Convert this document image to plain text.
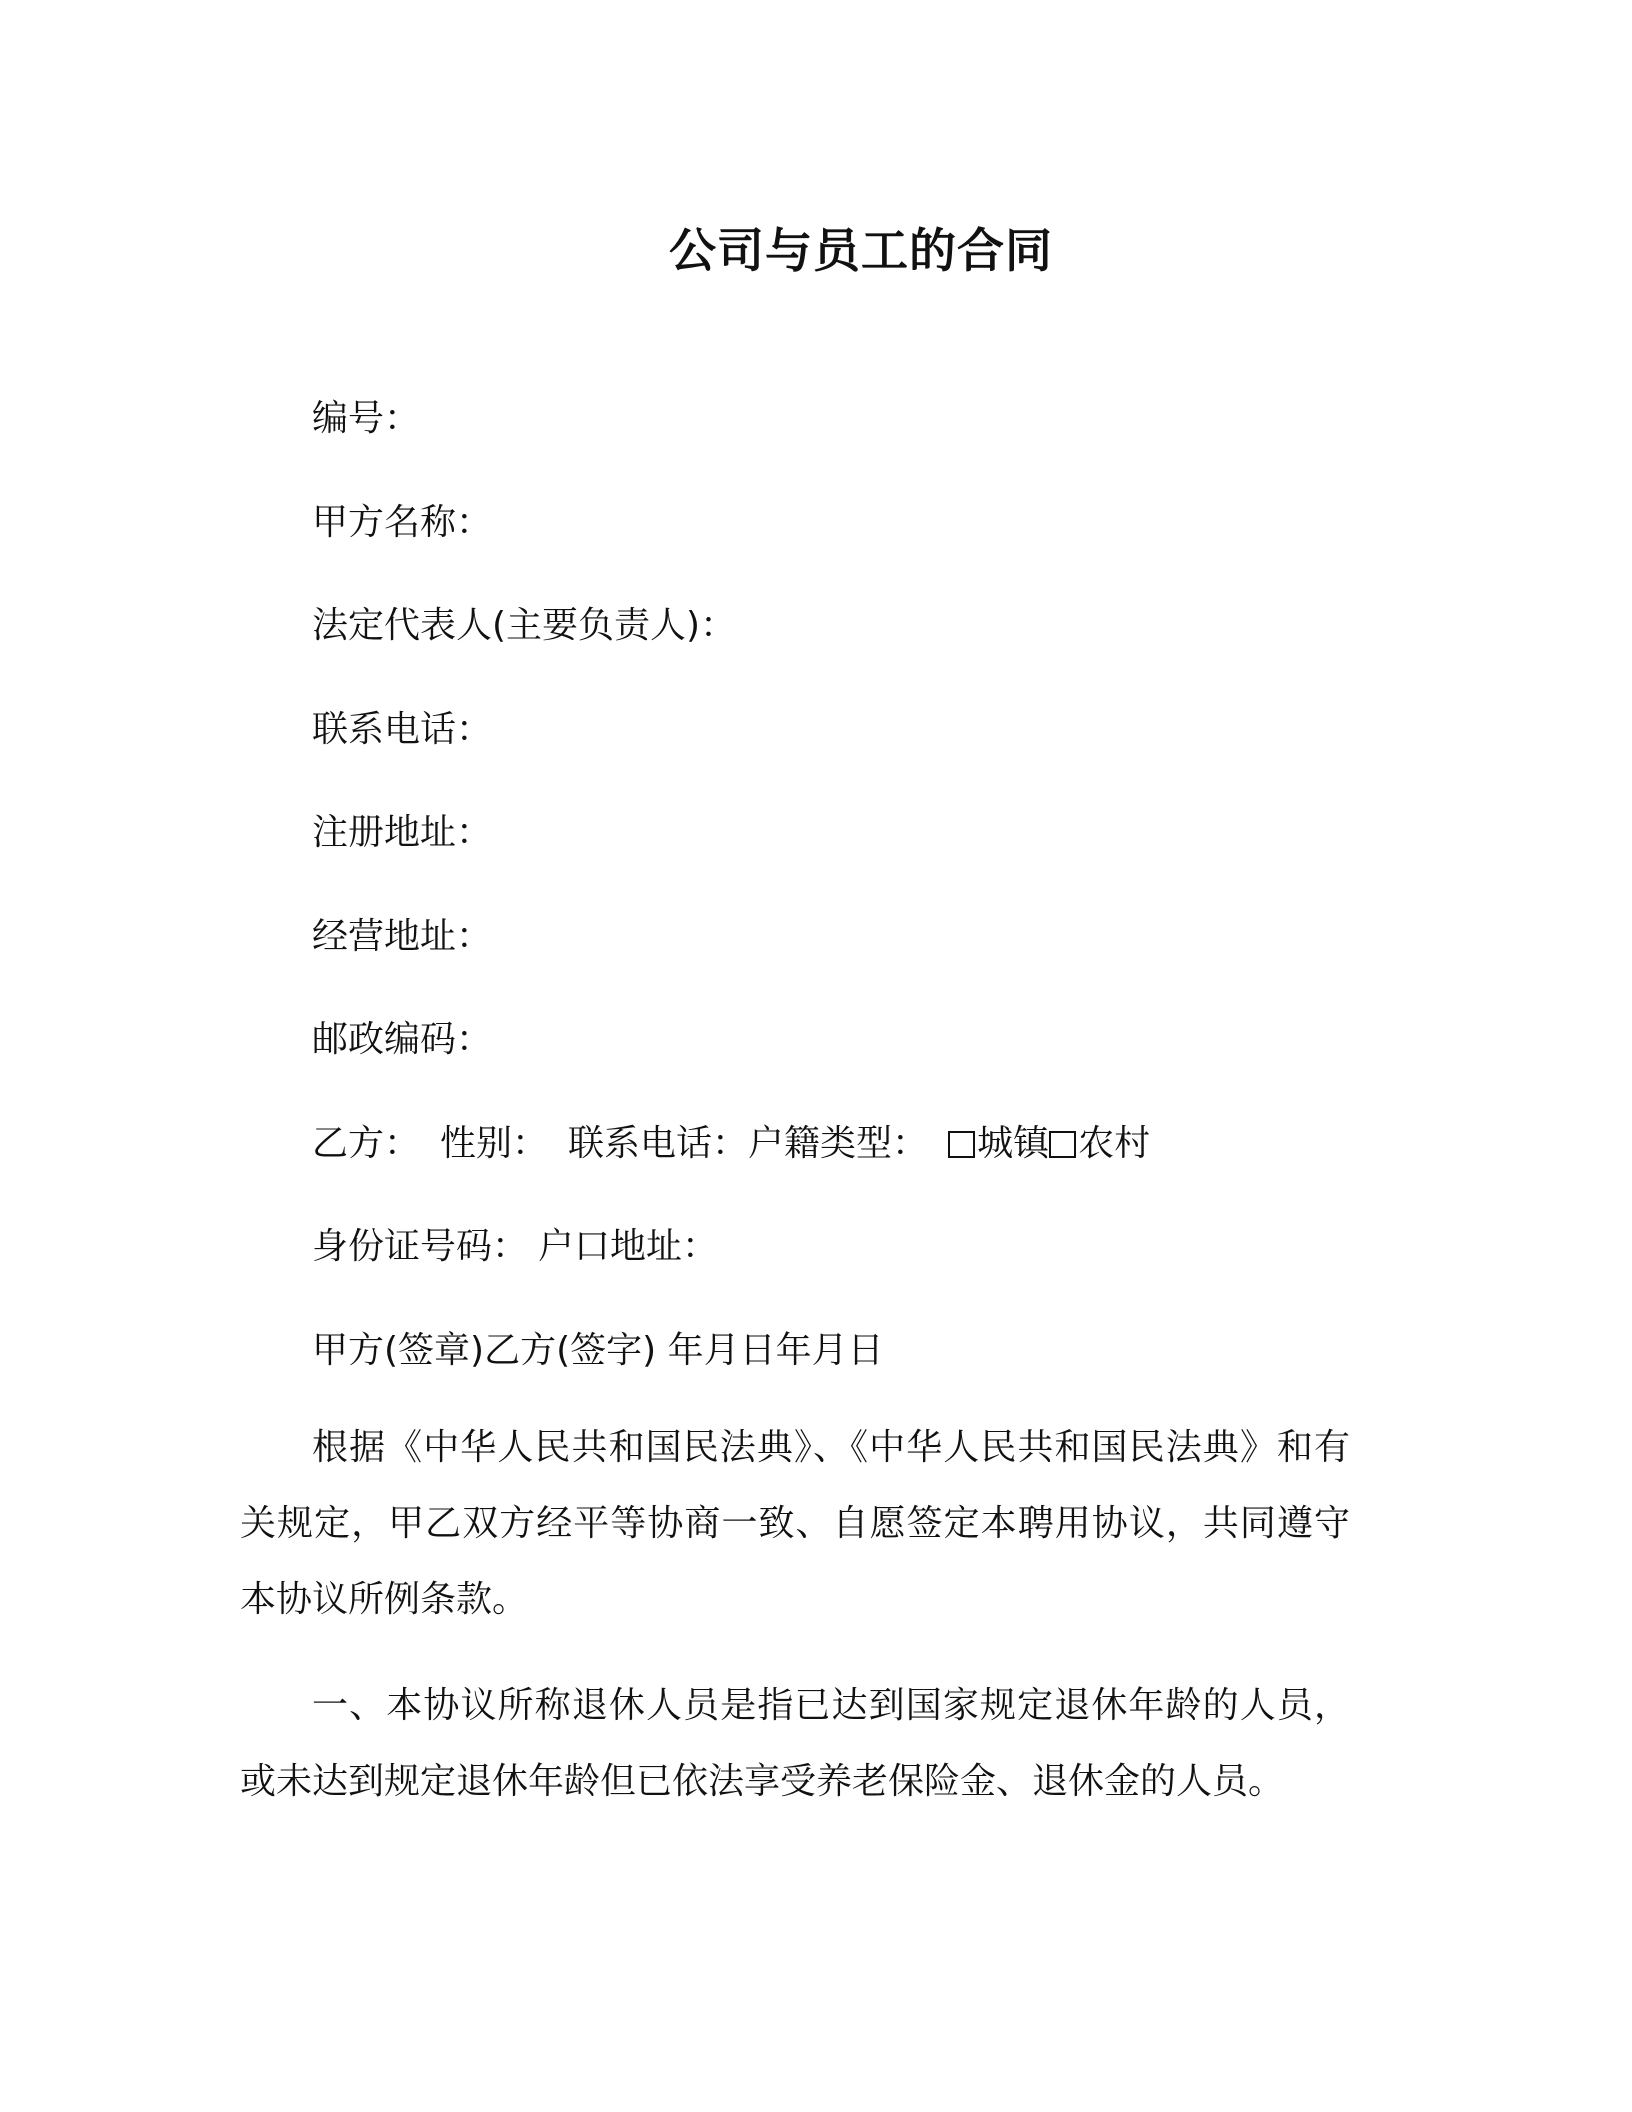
公司与员工的合同
编号：
甲方名称：
法定代表人(主要负责人)：
联系电话：
注册地址：
经营地址：
邮政编码：
乙方： 性别： 联系电话：户籍类型： 城镇 农村
身份证号码： 户口地址：
甲方(签章)乙方(签字) 年月日年月日

根据《中华人民共和国民法典》、《中华人民共和国民法典》和有关规定，甲乙双方经平等协商一致、自愿签定本聘用协议，共同遵守本协议所例条款。

一、本协议所称退休人员是指已达到国家规定退休年龄的人员，或未达到规定退休年龄但已依法享受养老保险金、退休金的人员。
